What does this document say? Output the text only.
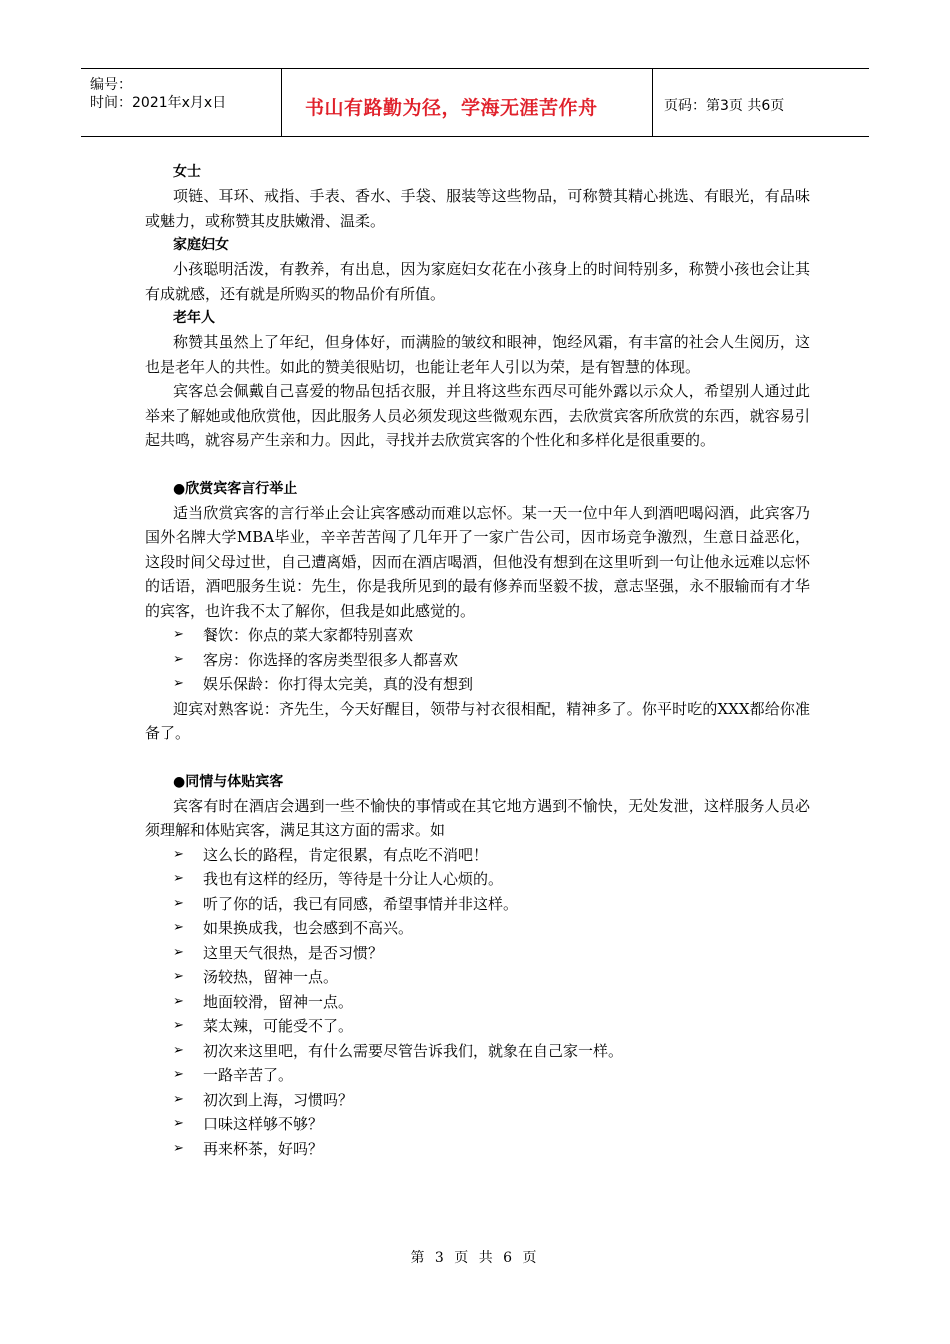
编号：
时间：2021年x月x日	书山有路勤为径，学海无涯苦作舟	页码：第3页 共6页

女士

项链、耳环、戒指、手表、香水、手袋、服装等这些物品，可称赞其精心挑选、有眼光，有品味或魅力，或称赞其皮肤嫩滑、温柔。

家庭妇女

小孩聪明活泼，有教养，有出息，因为家庭妇女花在小孩身上的时间特别多，称赞小孩也会让其有成就感，还有就是所购买的物品价有所值。

老年人

称赞其虽然上了年纪，但身体好，而满脸的皱纹和眼神，饱经风霜，有丰富的社会人生阅历，这也是老年人的共性。如此的赞美很贴切，也能让老年人引以为荣，是有智慧的体现。

宾客总会佩戴自己喜爱的物品包括衣服，并且将这些东西尽可能外露以示众人，希望别人通过此举来了解她或他欣赏他，因此服务人员必须发现这些微观东西，去欣赏宾客所欣赏的东西，就容易引起共鸣，就容易产生亲和力。因此，寻找并去欣赏宾客的个性化和多样化是很重要的。

●欣赏宾客言行举止

适当欣赏宾客的言行举止会让宾客感动而难以忘怀。某一天一位中年人到酒吧喝闷酒，此宾客乃国外名牌大学MBA毕业，辛辛苦苦闯了几年开了一家广告公司，因市场竞争激烈，生意日益恶化，这段时间父母过世，自己遭离婚，因而在酒店喝酒，但他没有想到在这里听到一句让他永远难以忘怀的话语，酒吧服务生说：先生，你是我所见到的最有修养而坚毅不拔，意志坚强，永不服输而有才华的宾客，也许我不太了解你，但我是如此感觉的。

➢	餐饮：你点的菜大家都特别喜欢
➢	客房：你选择的客房类型很多人都喜欢
➢	娱乐保龄：你打得太完美，真的没有想到

迎宾对熟客说：齐先生，今天好醒目，领带与衬衣很相配，精神多了。你平时吃的XXX都给你准备了。

●同情与体贴宾客

宾客有时在酒店会遇到一些不愉快的事情或在其它地方遇到不愉快，无处发泄，这样服务人员必须理解和体贴宾客，满足其这方面的需求。如

➢	这么长的路程，肯定很累，有点吃不消吧！
➢	我也有这样的经历，等待是十分让人心烦的。
➢	听了你的话，我已有同感，希望事情并非这样。
➢	如果换成我，也会感到不高兴。
➢	这里天气很热，是否习惯？
➢	汤较热，留神一点。
➢	地面较滑，留神一点。
➢	菜太辣，可能受不了。
➢	初次来这里吧，有什么需要尽管告诉我们，就象在自己家一样。
➢	一路辛苦了。
➢	初次到上海，习惯吗？
➢	口味这样够不够？
➢	再来杯茶，好吗？
第 3 页 共 6 页
